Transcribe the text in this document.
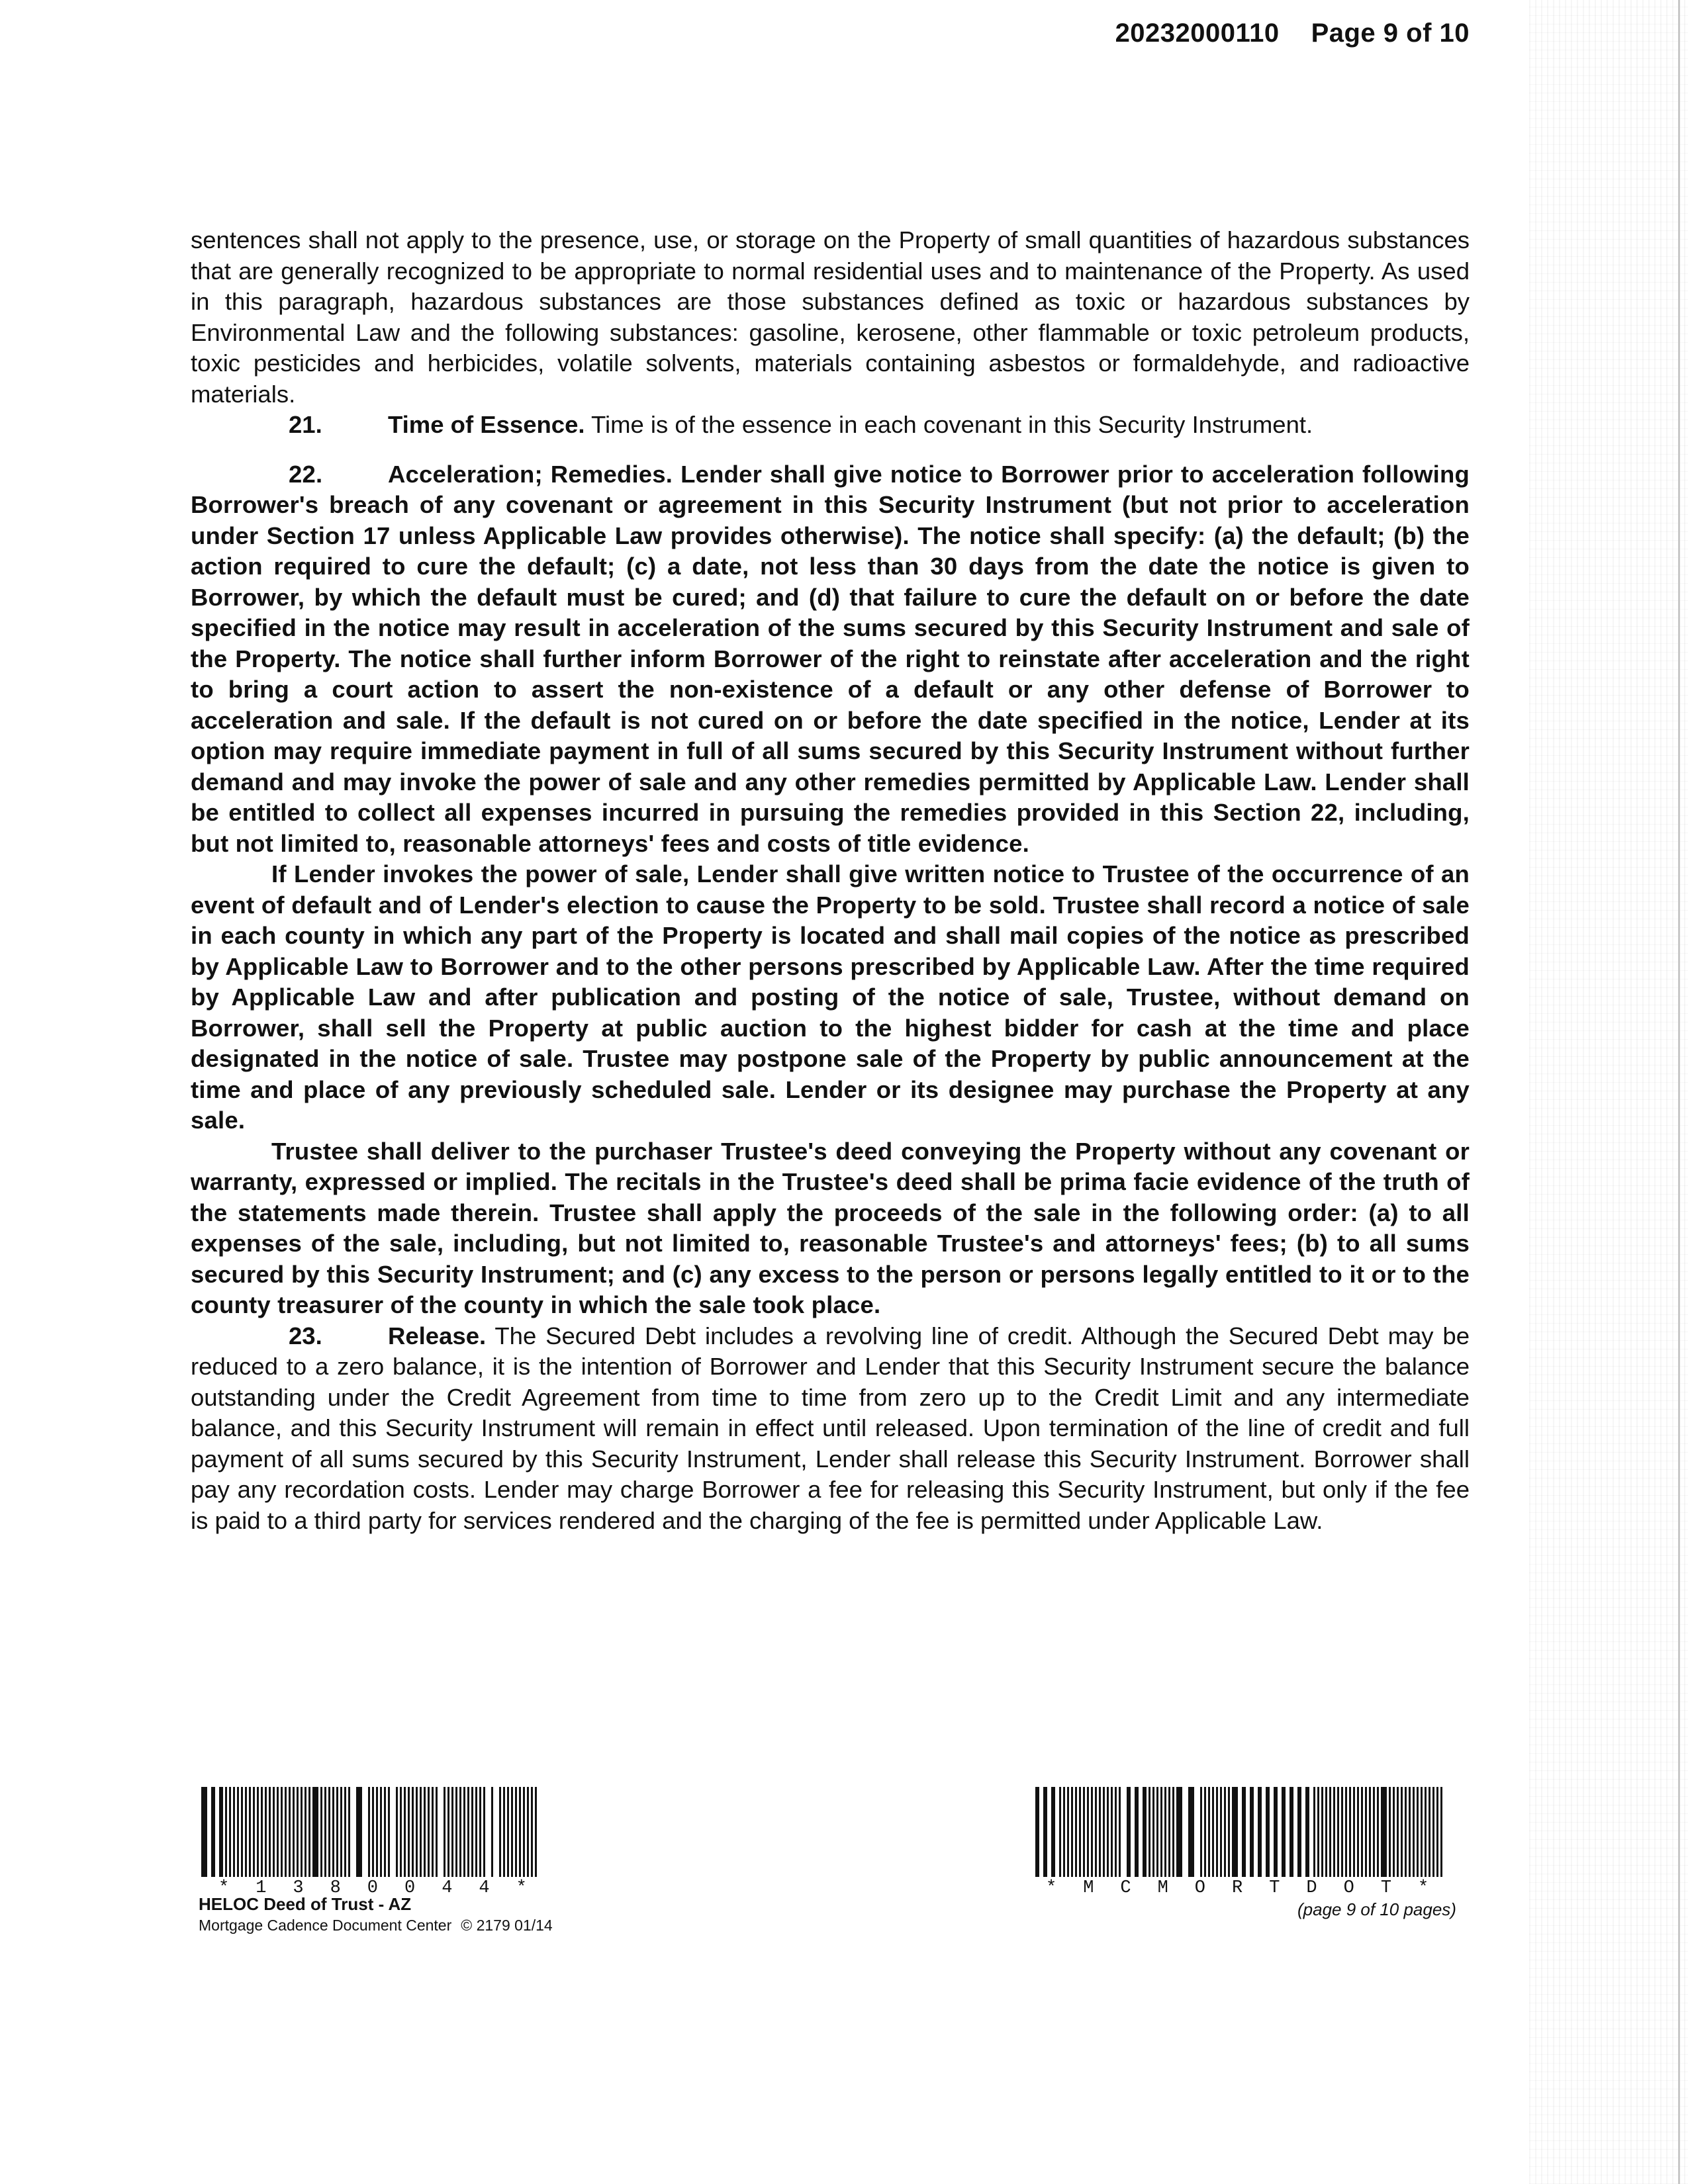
20232000110 Page 9 of 10

sentences shall not apply to the presence, use, or storage on the Property of small quantities of hazardous substances that are generally recognized to be appropriate to normal residential uses and to maintenance of the Property. As used in this paragraph, hazardous substances are those substances defined as toxic or hazardous substances by Environmental Law and the following substances: gasoline, kerosene, other flammable or toxic petroleum products, toxic pesticides and herbicides, volatile solvents, materials containing asbestos or formaldehyde, and radioactive materials.

21.	Time of Essence. Time is of the essence in each covenant in this Security Instrument.

22.	Acceleration; Remedies. Lender shall give notice to Borrower prior to acceleration following Borrower's breach of any covenant or agreement in this Security Instrument (but not prior to acceleration under Section 17 unless Applicable Law provides otherwise). The notice shall specify: (a) the default; (b) the action required to cure the default; (c) a date, not less than 30 days from the date the notice is given to Borrower, by which the default must be cured; and (d) that failure to cure the default on or before the date specified in the notice may result in acceleration of the sums secured by this Security Instrument and sale of the Property. The notice shall further inform Borrower of the right to reinstate after acceleration and the right to bring a court action to assert the non-existence of a default or any other defense of Borrower to acceleration and sale. If the default is not cured on or before the date specified in the notice, Lender at its option may require immediate payment in full of all sums secured by this Security Instrument without further demand and may invoke the power of sale and any other remedies permitted by Applicable Law. Lender shall be entitled to collect all expenses incurred in pursuing the remedies provided in this Section 22, including, but not limited to, reasonable attorneys' fees and costs of title evidence.

If Lender invokes the power of sale, Lender shall give written notice to Trustee of the occurrence of an event of default and of Lender's election to cause the Property to be sold. Trustee shall record a notice of sale in each county in which any part of the Property is located and shall mail copies of the notice as prescribed by Applicable Law to Borrower and to the other persons prescribed by Applicable Law. After the time required by Applicable Law and after publication and posting of the notice of sale, Trustee, without demand on Borrower, shall sell the Property at public auction to the highest bidder for cash at the time and place designated in the notice of sale. Trustee may postpone sale of the Property by public announcement at the time and place of any previously scheduled sale. Lender or its designee may purchase the Property at any sale.

Trustee shall deliver to the purchaser Trustee's deed conveying the Property without any covenant or warranty, expressed or implied. The recitals in the Trustee's deed shall be prima facie evidence of the truth of the statements made therein. Trustee shall apply the proceeds of the sale in the following order: (a) to all expenses of the sale, including, but not limited to, reasonable Trustee's and attorneys' fees; (b) to all sums secured by this Security Instrument; and (c) any excess to the person or persons legally entitled to it or to the county treasurer of the county in which the sale took place.

23.	Release. The Secured Debt includes a revolving line of credit. Although the Secured Debt may be reduced to a zero balance, it is the intention of Borrower and Lender that this Security Instrument secure the balance outstanding under the Credit Agreement from time to time from zero up to the Credit Limit and any intermediate balance, and this Security Instrument will remain in effect until released. Upon termination of the line of credit and full payment of all sums secured by this Security Instrument, Lender shall release this Security Instrument. Borrower shall pay any recordation costs. Lender may charge Borrower a fee for releasing this Security Instrument, but only if the fee is paid to a third party for services rendered and the charging of the fee is permitted under Applicable Law.

*1380044*	*MCMORTDOT*
HELOC Deed of Trust - AZ
Mortgage Cadence Document Center © 2179 01/14
(page 9 of 10 pages)
